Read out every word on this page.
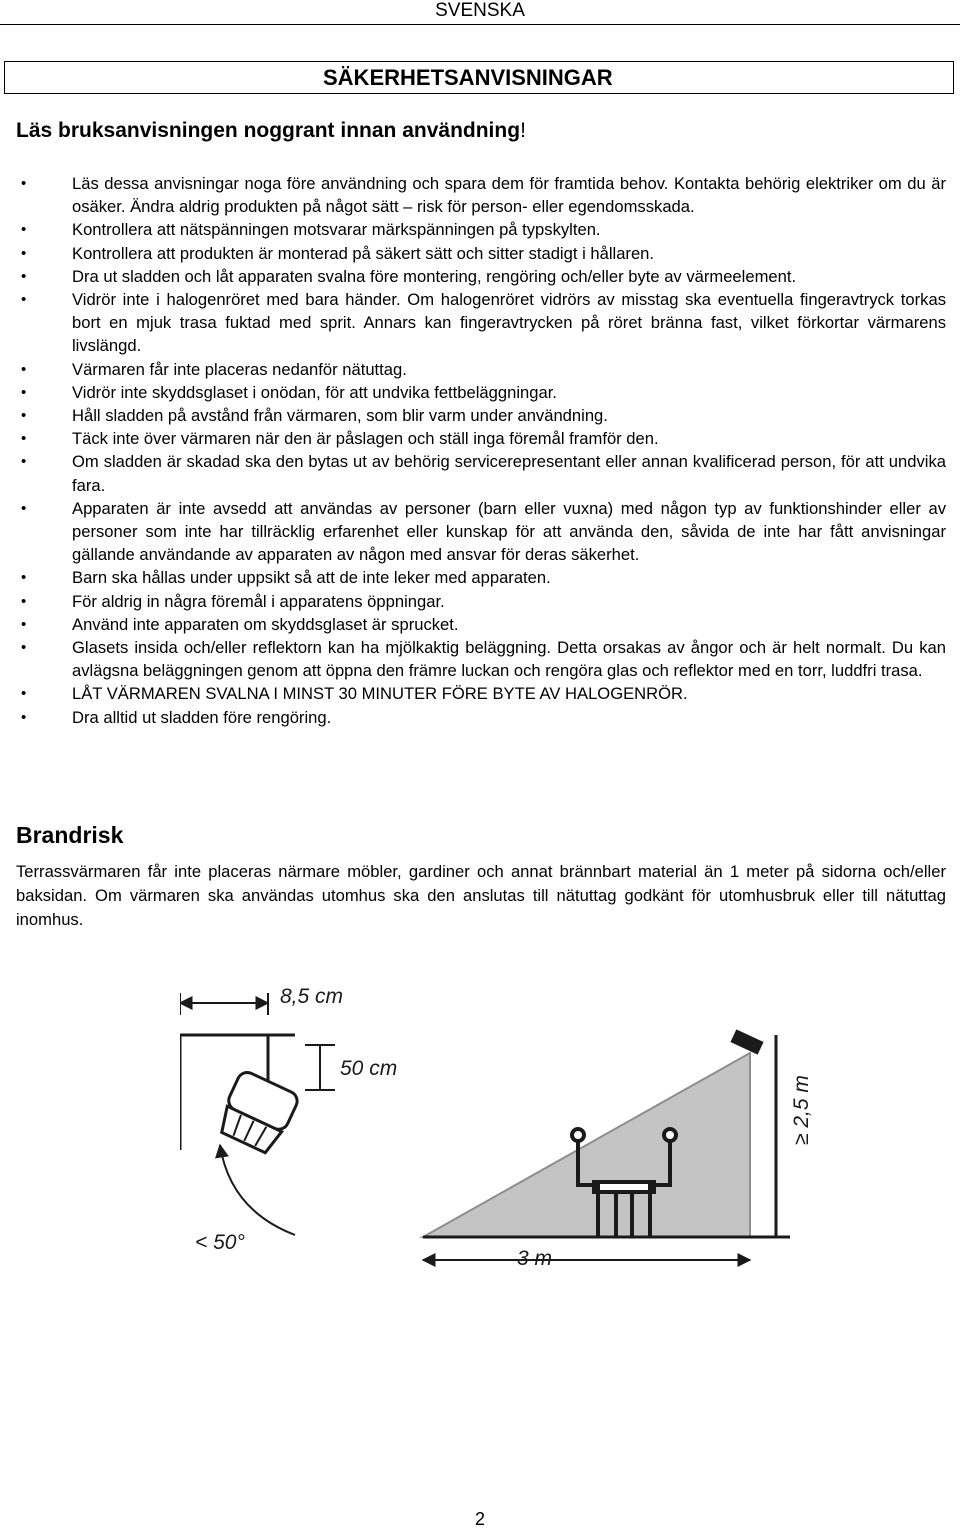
SVENSKA
SÄKERHETSANVISNINGAR
Läs bruksanvisningen noggrant innan användning!
• Läs dessa anvisningar noga före användning och spara dem för framtida behov. Kontakta behörig elektriker om du är osäker. Ändra aldrig produkten på något sätt – risk för person- eller egendomsskada.
• Kontrollera att nätspänningen motsvarar märkspänningen på typskylten.
• Kontrollera att produkten är monterad på säkert sätt och sitter stadigt i hållaren.
• Dra ut sladden och låt apparaten svalna före montering, rengöring och/eller byte av värmeelement.
• Vidrör inte i halogenröret med bara händer. Om halogenröret vidrörs av misstag ska eventuella fingeravtryck torkas bort en mjuk trasa fuktad med sprit. Annars kan fingeravtrycken på röret bränna fast, vilket förkortar värmarens livslängd.
• Värmaren får inte placeras nedanför nätuttag.
• Vidrör inte skyddsglaset i onödan, för att undvika fettbeläggningar.
• Håll sladden på avstånd från värmaren, som blir varm under användning.
• Täck inte över värmaren när den är påslagen och ställ inga föremål framför den.
• Om sladden är skadad ska den bytas ut av behörig servicerepresentant eller annan kvalificerad person, för att undvika fara.
• Apparaten är inte avsedd att användas av personer (barn eller vuxna) med någon typ av funktionshinder eller av personer som inte har tillräcklig erfarenhet eller kunskap för att använda den, såvida de inte har fått anvisningar gällande användande av apparaten av någon med ansvar för deras säkerhet.
• Barn ska hållas under uppsikt så att de inte leker med apparaten.
• För aldrig in några föremål i apparatens öppningar.
• Använd inte apparaten om skyddsglaset är sprucket.
• Glasets insida och/eller reflektorn kan ha mjölkaktig beläggning. Detta orsakas av ångor och är helt normalt. Du kan avlägsna beläggningen genom att öppna den främre luckan och rengöra glas och reflektor med en torr, luddfri trasa.
• LÅT VÄRMAREN SVALNA I MINST 30 MINUTER FÖRE BYTE AV HALOGENRÖR.
• Dra alltid ut sladden före rengöring.
Brandrisk
Terrassvärmaren får inte placeras närmare möbler, gardiner och annat brännbart material än 1 meter på sidorna och/eller baksidan. Om värmaren ska användas utomhus ska den anslutas till nätuttag godkänt för utomhusbruk eller till nätuttag inomhus.
8,5 cm
50 cm
< 50°
3 m
≥ 2,5 m
2
